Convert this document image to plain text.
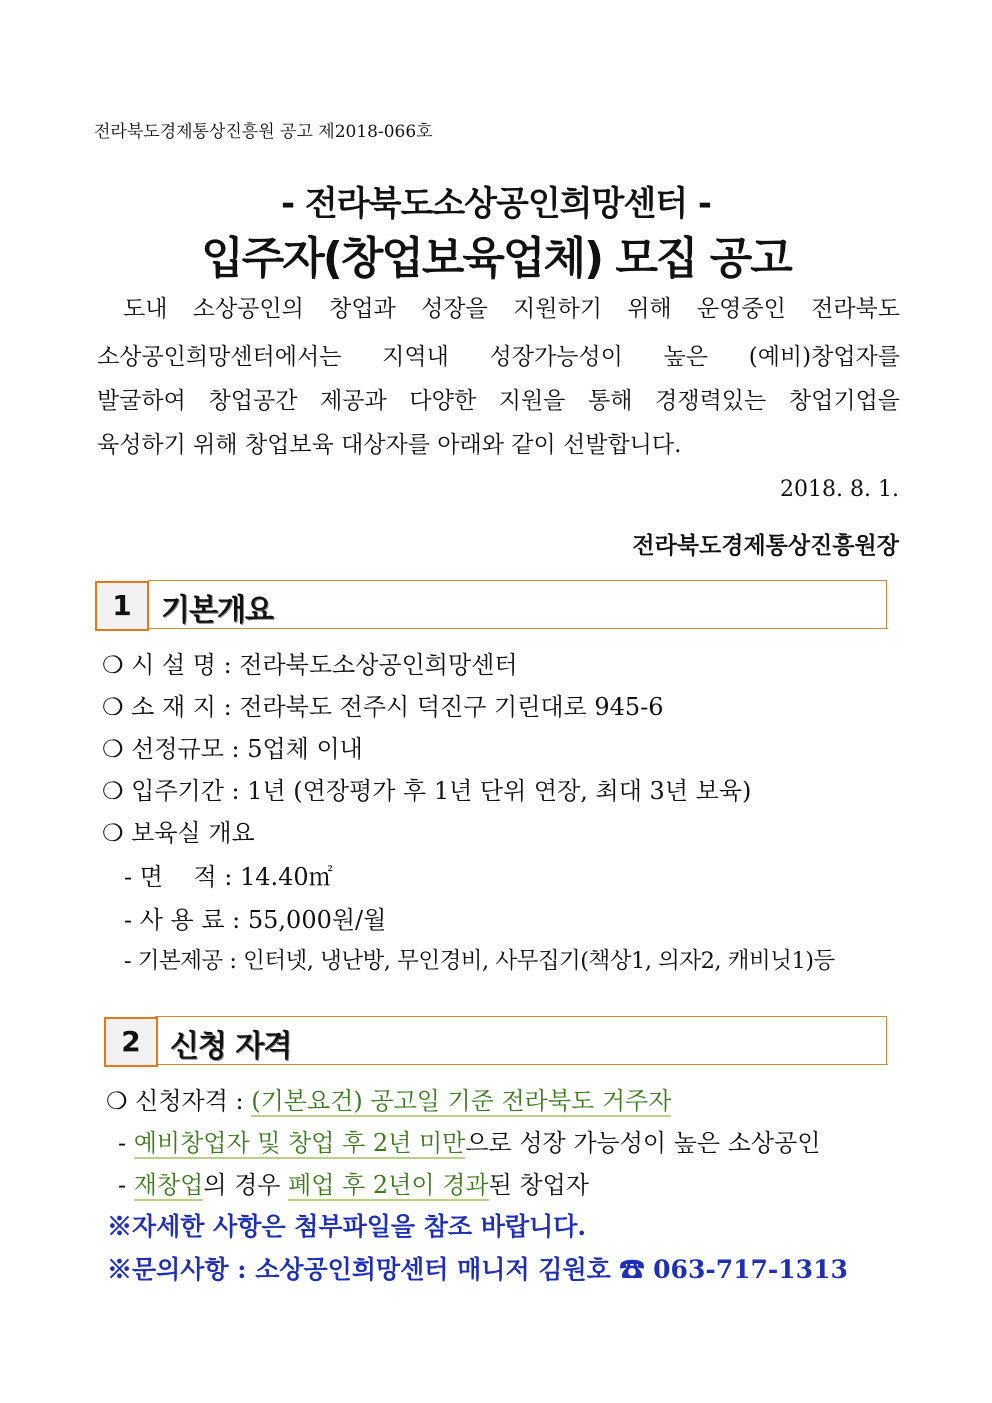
전라북도경제통상진흥원 공고 제2018-066호
- 전라북도소상공인희망센터 -
입주자(창업보육업체) 모집 공고
도내 소상공인의 창업과 성장을 지원하기 위해 운영중인 전라북도
소상공인희망센터에서는 지역내 성장가능성이 높은 (예비)창업자를
발굴하여 창업공간 제공과 다양한 지원을 통해 경쟁력있는 창업기업을
육성하기 위해 창업보육 대상자를 아래와 같이 선발합니다.
2018. 8. 1.
전라북도경제통상진흥원장
1 기본개요
❍ 시 설 명 : 전라북도소상공인희망센터
❍ 소 재 지 : 전라북도 전주시 덕진구 기린대로 945-6
❍ 선정규모 : 5업체 이내
❍ 입주기간 : 1년 (연장평가 후 1년 단위 연장, 최대 3년 보육)
❍ 보육실 개요
- 면    적 : 14.40㎡
- 사 용 료 : 55,000원/월
- 기본제공 : 인터넷, 냉난방, 무인경비, 사무집기(책상1, 의자2, 캐비닛1)등
2 신청 자격
❍ 신청자격 : (기본요건) 공고일 기준 전라북도 거주자
- 예비창업자 및 창업 후 2년 미만으로 성장 가능성이 높은 소상공인
- 재창업의 경우 폐업 후 2년이 경과된 창업자
※자세한 사항은 첨부파일을 참조 바랍니다.
※문의사항 : 소상공인희망센터 매니저 김원호 ☎ 063-717-1313
